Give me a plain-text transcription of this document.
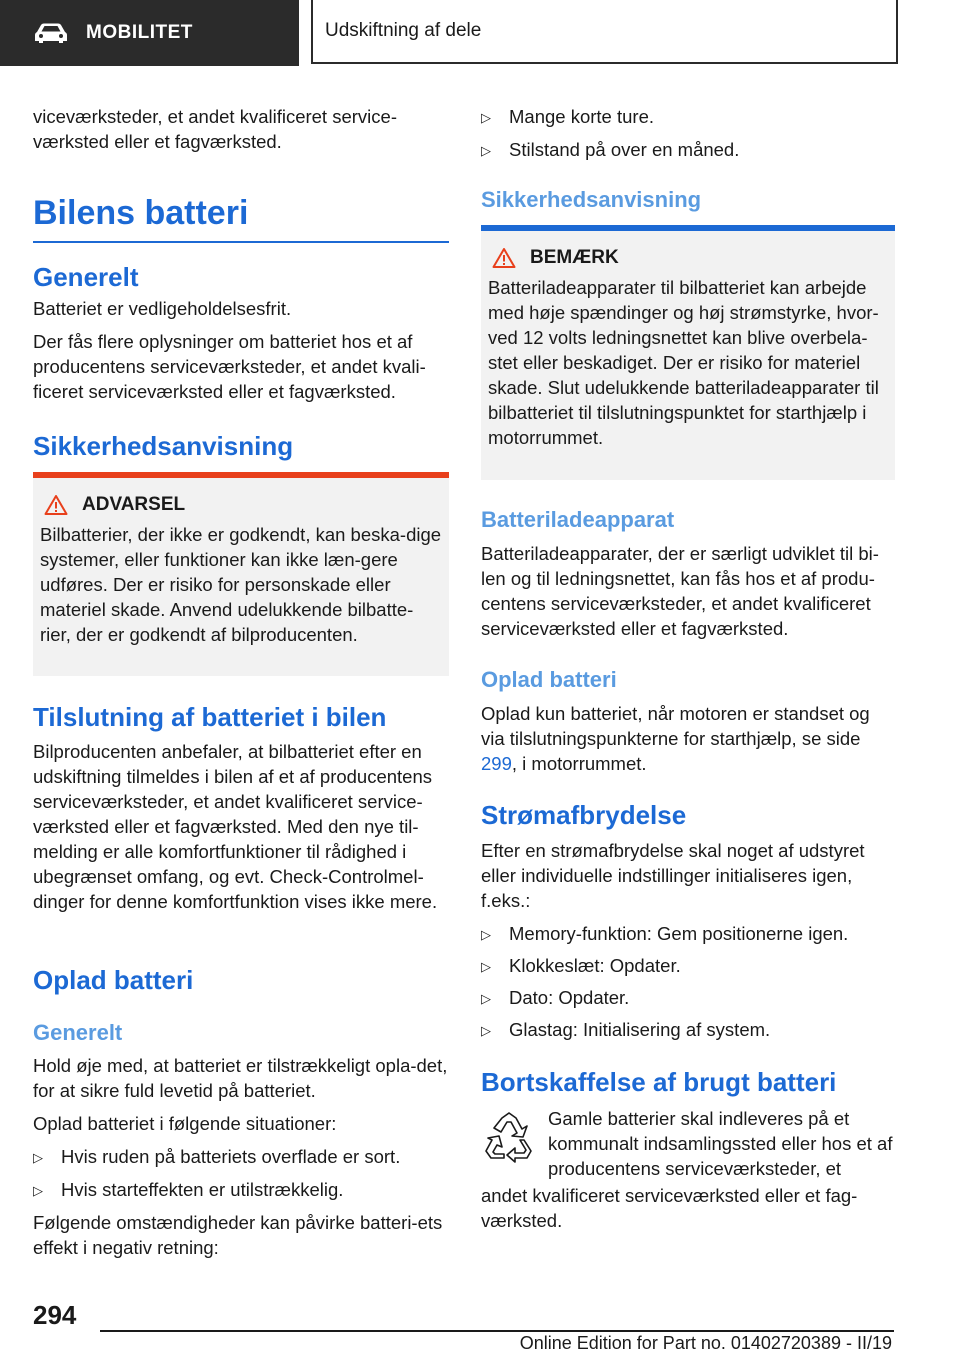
MOBILITET	Udskiftning af dele

viceværksteder, et andet kvalificeret service-værksted eller et fagværksted.

Bilens batteri
Generelt

Batteriet er vedligeholdelsesfrit.

Der fås flere oplysninger om batteriet hos et af producentens serviceværksteder, et andet kvali-ficeret serviceværksted eller et fagværksted.

Sikkerhedsanvisning
ADVARSEL

Bilbatterier, der ikke er godkendt, kan beska-dige systemer, eller funktioner kan ikke læn-gere udføres. Der er risiko for personskade eller materiel skade. Anvend udelukkende bilbatte-rier, der er godkendt af bilproducenten.

Tilslutning af batteriet i bilen

Bilproducenten anbefaler, at bilbatteriet efter en udskiftning tilmeldes i bilen af et af producentens serviceværksteder, et andet kvalificeret service-værksted eller et fagværksted. Med den nye til-melding er alle komfortfunktioner til rådighed i ubegrænset omfang, og evt. Check-Controlmel-dinger for denne komfortfunktion vises ikke mere.

Oplad batteri
Generelt

Hold øje med, at batteriet er tilstrækkeligt opla-det, for at sikre fuld levetid på batteriet.

Oplad batteriet i følgende situationer:

▷ Hvis ruden på batteriets overflade er sort.
▷ Hvis starteffekten er utilstrækkelig.

Følgende omstændigheder kan påvirke batteri-ets effekt i negativ retning:

▷ Mange korte ture.
▷ Stilstand på over en måned.
Sikkerhedsanvisning
BEMÆRK

Batteriladeapparater til bilbatteriet kan arbejde med høje spændinger og høj strømstyrke, hvor-ved 12 volts ledningsnettet kan blive overbela-stet eller beskadiget. Der er risiko for materiel skade. Slut udelukkende batteriladeapparater til bilbatteriet til tilslutningspunktet for starthjælp i motorrummet.

Batteriladeapparat

Batteriladeapparater, der er særligt udviklet til bi-len og til ledningsnettet, kan fås hos et af produ-centens serviceværksteder, et andet kvalificeret serviceværksted eller et fagværksted.

Oplad batteri

Oplad kun batteriet, når motoren er standset og via tilslutningspunkterne for starthjælp, se side 299, i motorrummet.

Strømafbrydelse

Efter en strømafbrydelse skal noget af udstyret eller individuelle indstillinger initialiseres igen, f.eks.:

▷ Memory-funktion: Gem positionerne igen.
▷ Klokkeslæt: Opdater.
▷ Dato: Opdater.
▷ Glastag: Initialisering af system.
Bortskaffelse af brugt batteri

Gamle batterier skal indleveres på et kommunalt indsamlingssted eller hos et af producentens serviceværksteder, et

andet kvalificeret serviceværksted eller et fag-værksted.

294
Online Edition for Part no. 01402720389 - II/19
